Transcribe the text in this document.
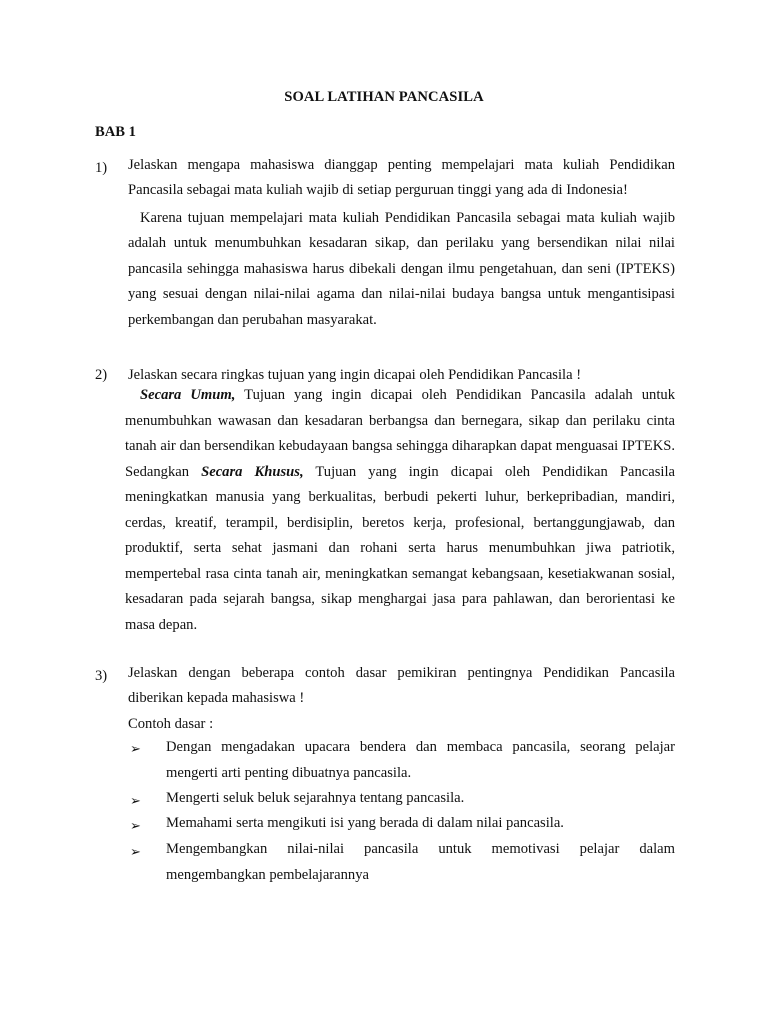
SOAL LATIHAN PANCASILA
BAB 1
1) Jelaskan mengapa mahasiswa dianggap penting mempelajari mata kuliah Pendidikan Pancasila sebagai mata kuliah wajib di setiap perguruan tinggi yang ada di Indonesia!
Karena tujuan mempelajari mata kuliah Pendidikan Pancasila sebagai mata kuliah wajib adalah untuk menumbuhkan kesadaran sikap, dan perilaku yang bersendikan nilai nilai pancasila sehingga mahasiswa harus dibekali dengan ilmu pengetahuan, dan seni (IPTEKS) yang sesuai dengan nilai-nilai agama dan nilai-nilai budaya bangsa untuk mengantisipasi perkembangan dan perubahan masyarakat.
2) Jelaskan secara ringkas tujuan yang ingin dicapai oleh Pendidikan Pancasila !
Secara Umum, Tujuan yang ingin dicapai oleh Pendidikan Pancasila adalah untuk menumbuhkan wawasan dan kesadaran berbangsa dan bernegara, sikap dan perilaku cinta tanah air dan bersendikan kebudayaan bangsa sehingga diharapkan dapat menguasai IPTEKS. Sedangkan Secara Khusus, Tujuan yang ingin dicapai oleh Pendidikan Pancasila meningkatkan manusia yang berkualitas, berbudi pekerti luhur, berkepribadian, mandiri, cerdas, kreatif, terampil, berdisiplin, beretos kerja, profesional, bertanggungjawab, dan produktif, serta sehat jasmani dan rohani serta harus menumbuhkan jiwa patriotik, mempertebal rasa cinta tanah air, meningkatkan semangat kebangsaan, kesetiakwanan sosial, kesadaran pada sejarah bangsa, sikap menghargai jasa para pahlawan, dan berorientasi ke masa depan.
3) Jelaskan dengan beberapa contoh dasar pemikiran pentingnya Pendidikan Pancasila diberikan kepada mahasiswa !
Contoh dasar :
➢ Dengan mengadakan upacara bendera dan membaca pancasila, seorang pelajar mengerti arti penting dibuatnya pancasila.
➢ Mengerti seluk beluk sejarahnya tentang pancasila.
➢ Memahami serta mengikuti isi yang berada di dalam nilai pancasila.
➢ Mengembangkan nilai-nilai pancasila untuk memotivasi pelajar dalam mengembangkan pembelajarannya
